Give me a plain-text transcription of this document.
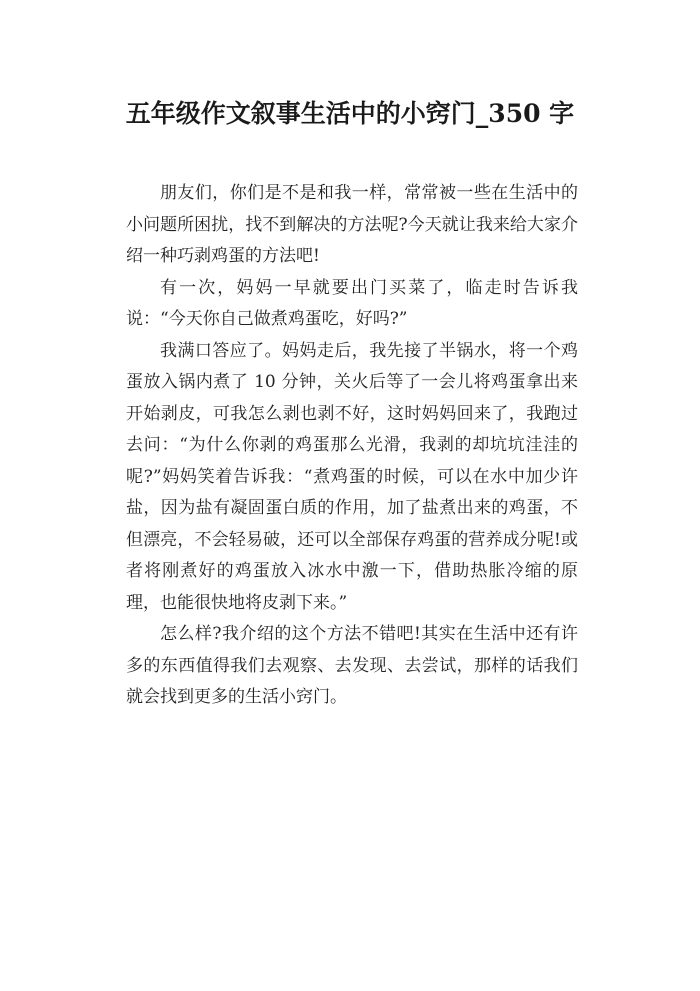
五年级作文叙事生活中的小窍门_350 字

朋友们，你们是不是和我一样，常常被一些在生活中的小问题所困扰，找不到解决的方法呢?今天就让我来给大家介绍一种巧剥鸡蛋的方法吧!

有一次，妈妈一早就要出门买菜了，临走时告诉我说：“今天你自己做煮鸡蛋吃，好吗?”

我满口答应了。妈妈走后，我先接了半锅水，将一个鸡蛋放入锅内煮了 10 分钟，关火后等了一会儿将鸡蛋拿出来开始剥皮，可我怎么剥也剥不好，这时妈妈回来了，我跑过去问：“为什么你剥的鸡蛋那么光滑，我剥的却坑坑洼洼的呢?”妈妈笑着告诉我：“煮鸡蛋的时候，可以在水中加少许盐，因为盐有凝固蛋白质的作用，加了盐煮出来的鸡蛋，不但漂亮，不会轻易破，还可以全部保存鸡蛋的营养成分呢!或者将刚煮好的鸡蛋放入冰水中激一下，借助热胀冷缩的原理，也能很快地将皮剥下来。”

怎么样?我介绍的这个方法不错吧!其实在生活中还有许多的东西值得我们去观察、去发现、去尝试，那样的话我们就会找到更多的生活小窍门。
